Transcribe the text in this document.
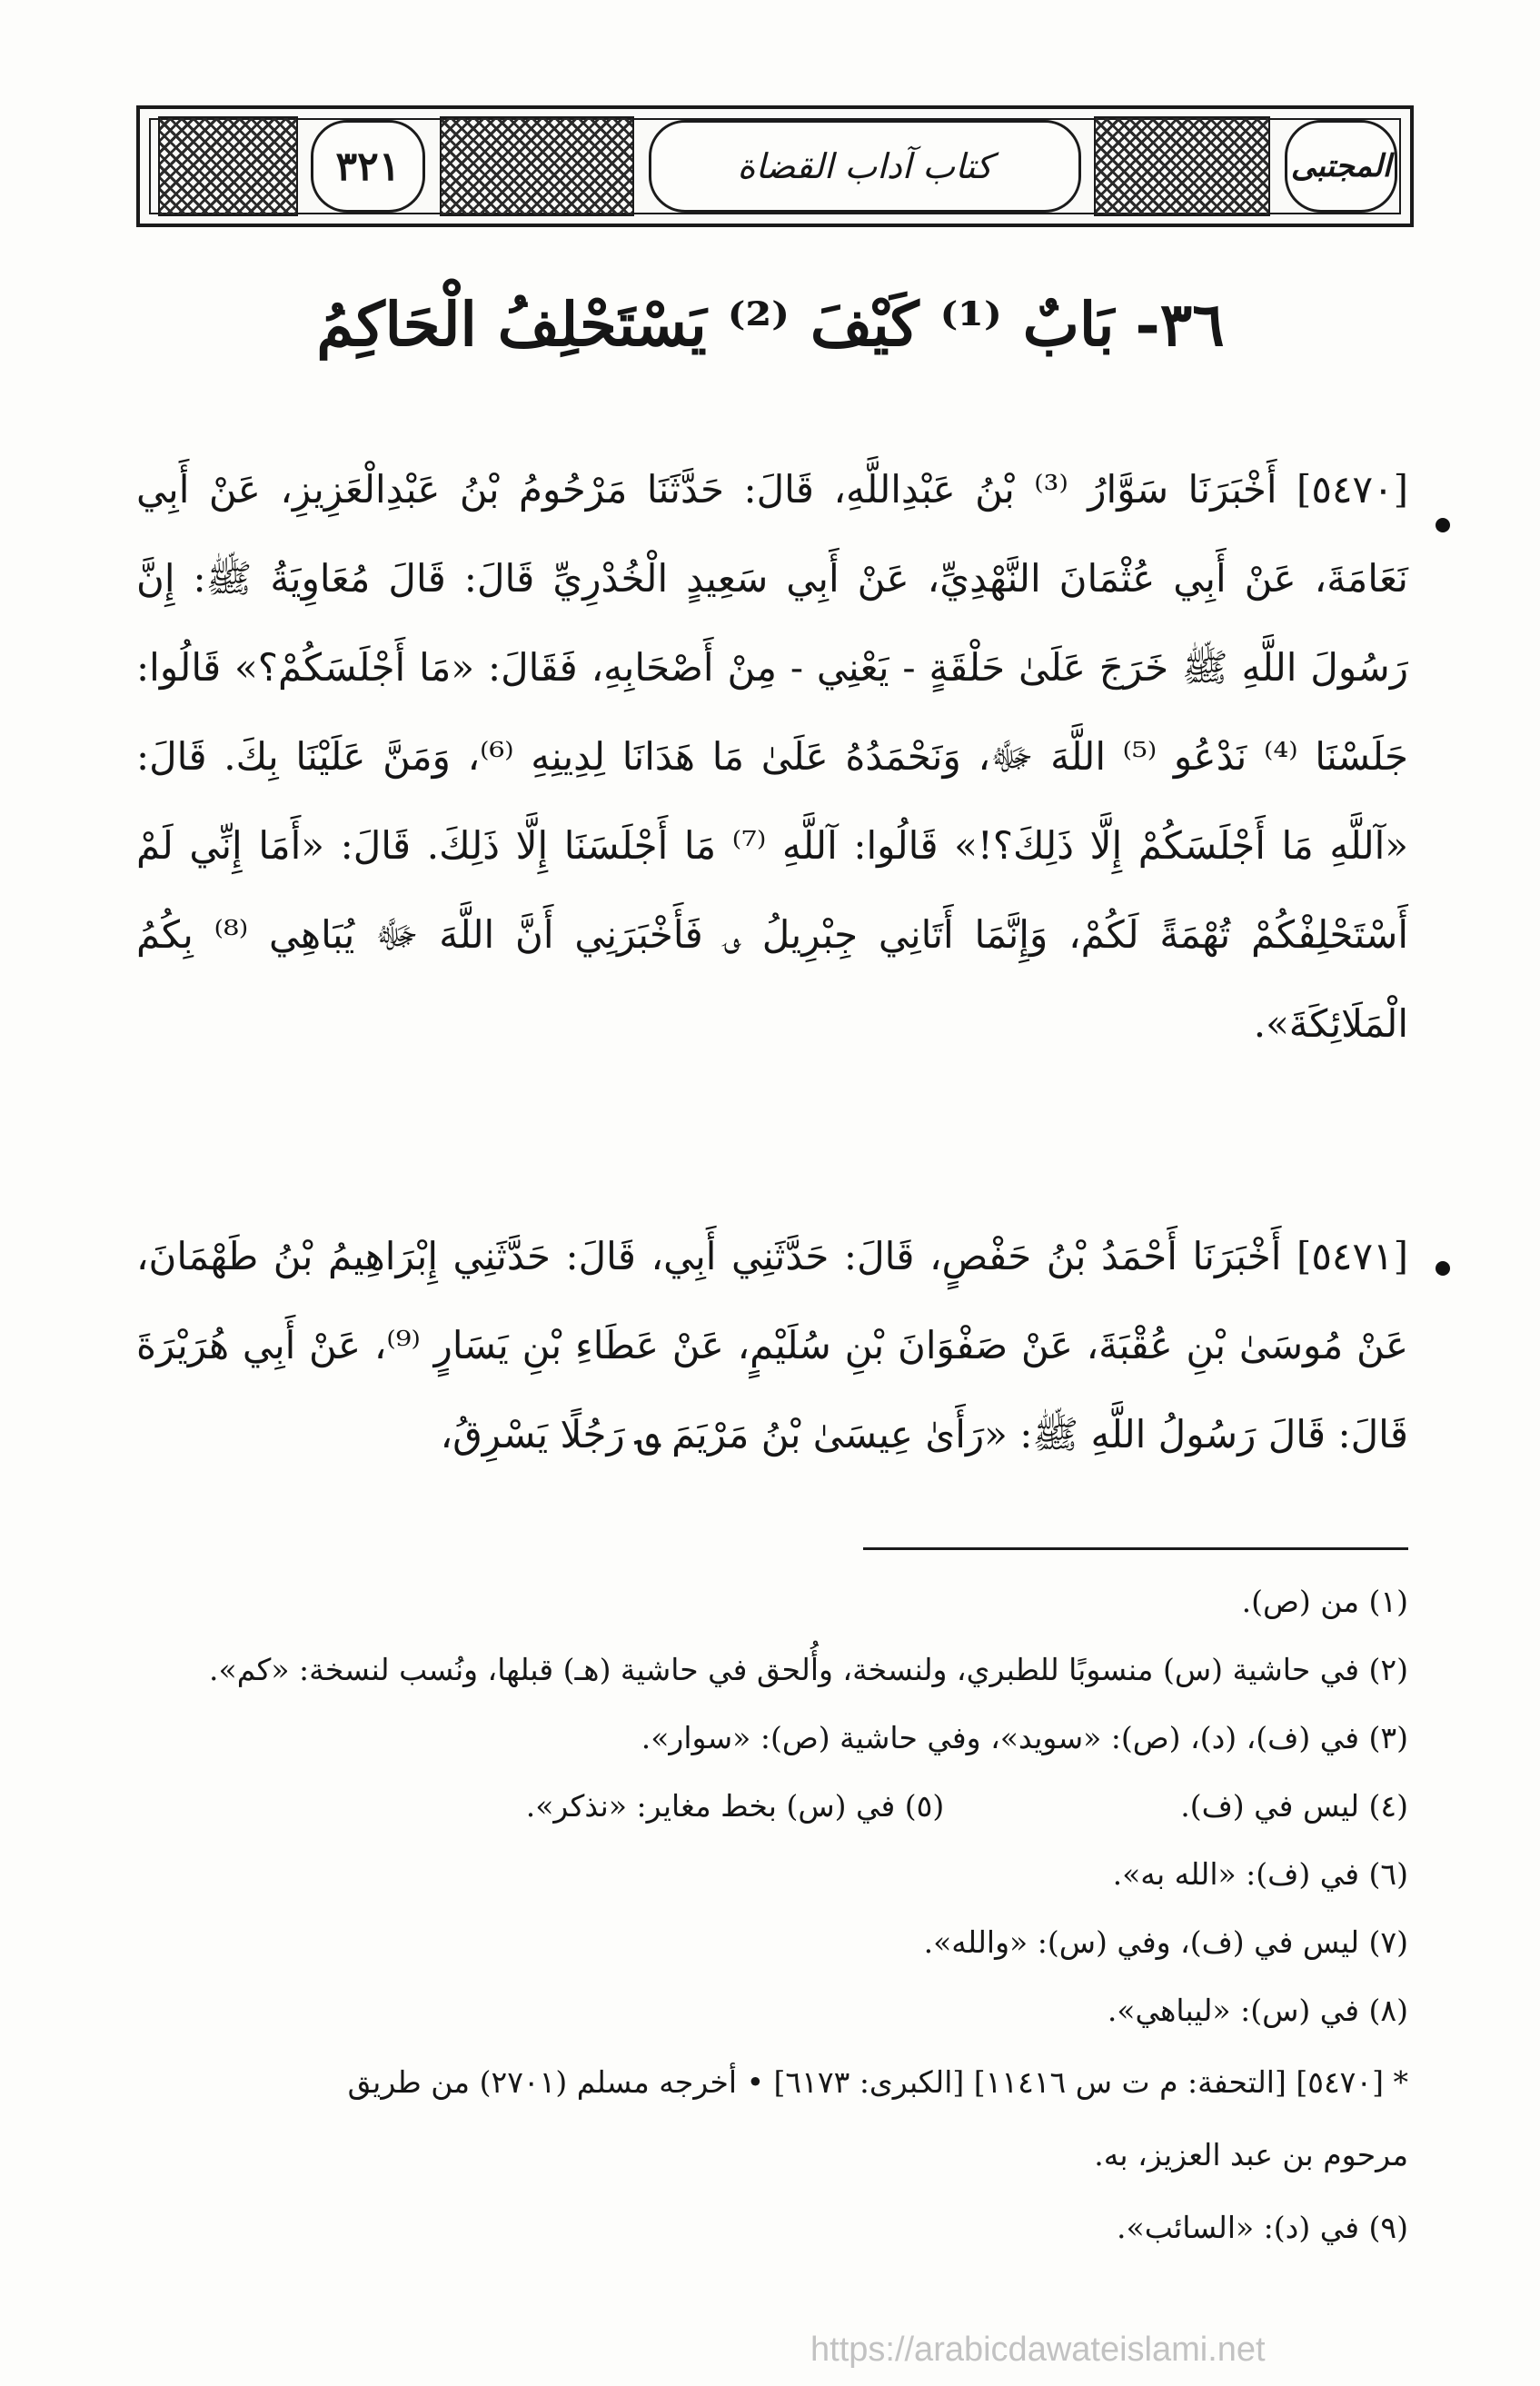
٣٢١	كتاب آداب القضاة	المجتبى
٣٦- بَابٌ ⁽¹⁾ كَيْفَ ⁽²⁾ يَسْتَحْلِفُ الْحَاكِمُ
[٥٤٧٠] أَخْبَرَنَا سَوَّارُ ⁽³⁾ بْنُ عَبْدِاللَّهِ، قَالَ: حَدَّثَنَا مَرْحُومُ بْنُ عَبْدِالْعَزِيزِ، عَنْ أَبِي نَعَامَةَ، عَنْ أَبِي عُثْمَانَ النَّهْدِيِّ، عَنْ أَبِي سَعِيدٍ الْخُدْرِيِّ قَالَ: قَالَ مُعَاوِيَةُ ﷺ: إِنَّ رَسُولَ اللَّهِ ﷺ خَرَجَ عَلَىٰ حَلْقَةٍ - يَعْنِي - مِنْ أَصْحَابِهِ، فَقَالَ: «مَا أَجْلَسَكُمْ؟» قَالُوا: جَلَسْنَا ⁽⁴⁾ نَدْعُو ⁽⁵⁾ اللَّهَ ﷻ، وَنَحْمَدُهُ عَلَىٰ مَا هَدَانَا لِدِينِهِ ⁽⁶⁾، وَمَنَّ عَلَيْنَا بِكَ. قَالَ: «آللَّهِ مَا أَجْلَسَكُمْ إِلَّا ذَلِكَ؟!» قَالُوا: آللَّهِ ⁽⁷⁾ مَا أَجْلَسَنَا إِلَّا ذَلِكَ. قَالَ: «أَمَا إِنِّي لَمْ أَسْتَحْلِفْكُمْ تُهْمَةً لَكُمْ، وَإِنَّمَا أَتَانِي جِبْرِيلُ ؈ فَأَخْبَرَنِي أَنَّ اللَّهَ ﷻ يُبَاهِي ⁽⁸⁾ بِكُمُ الْمَلَائِكَةَ».
[٥٤٧١] أَخْبَرَنَا أَحْمَدُ بْنُ حَفْصٍ، قَالَ: حَدَّثَنِي أَبِي، قَالَ: حَدَّثَنِي إِبْرَاهِيمُ بْنُ طَهْمَانَ، عَنْ مُوسَىٰ بْنِ عُقْبَةَ، عَنْ صَفْوَانَ بْنِ سُلَيْمٍ، عَنْ عَطَاءِ بْنِ يَسَارٍ ⁽⁹⁾، عَنْ أَبِي هُرَيْرَةَ قَالَ: قَالَ رَسُولُ اللَّهِ ﷺ: «رَأَىٰ عِيسَىٰ بْنُ مَرْيَمَ ؈ رَجُلًا يَسْرِقُ،
(١) من (ص).
(٢) في حاشية (س) منسوبًا للطبري، ولنسخة، وأُلحق في حاشية (هـ) قبلها، ونُسب لنسخة: «كم».
(٣) في (ف)، (د)، (ص): «سويد»، وفي حاشية (ص): «سوار».
(٤) ليس في (ف).
(٥) في (س) بخط مغاير: «نذكر».
(٦) في (ف): «الله به».
(٧) ليس في (ف)، وفي (س): «والله».
(٨) في (س): «ليباهي».
* [٥٤٧٠] [التحفة: م ت س ١١٤١٦] [الكبرى: ٦١٧٣] • أخرجه مسلم (٢٧٠١) من طريق
مرحوم بن عبد العزيز، به.
(٩) في (د): «السائب».
https://arabicdawateislami.net
